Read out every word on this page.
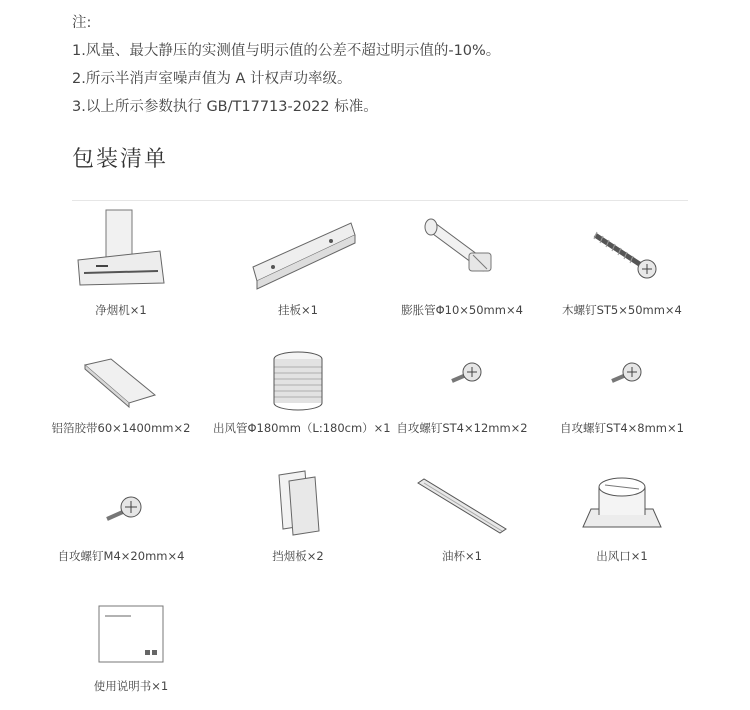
注:
1.风量、最大静压的实测值与明示值的公差不超过明示值的-10%。
2.所示半消声室噪声值为 A 计权声功率级。
3.以上所示参数执行 GB/T17713-2022 标准。
包装清单
净烟机×1	挂板×1	膨胀管Φ10×50mm×4	木螺钉ST5×50mm×4
铝箔胶带60×1400mm×2	出风管Φ180mm（L:180cm）×1 自攻螺钉ST4×12mm×2	自攻螺钉ST4×8mm×1
自攻螺钉M4×20mm×4	挡烟板×2	油杯×1	出风口×1
使用说明书×1
